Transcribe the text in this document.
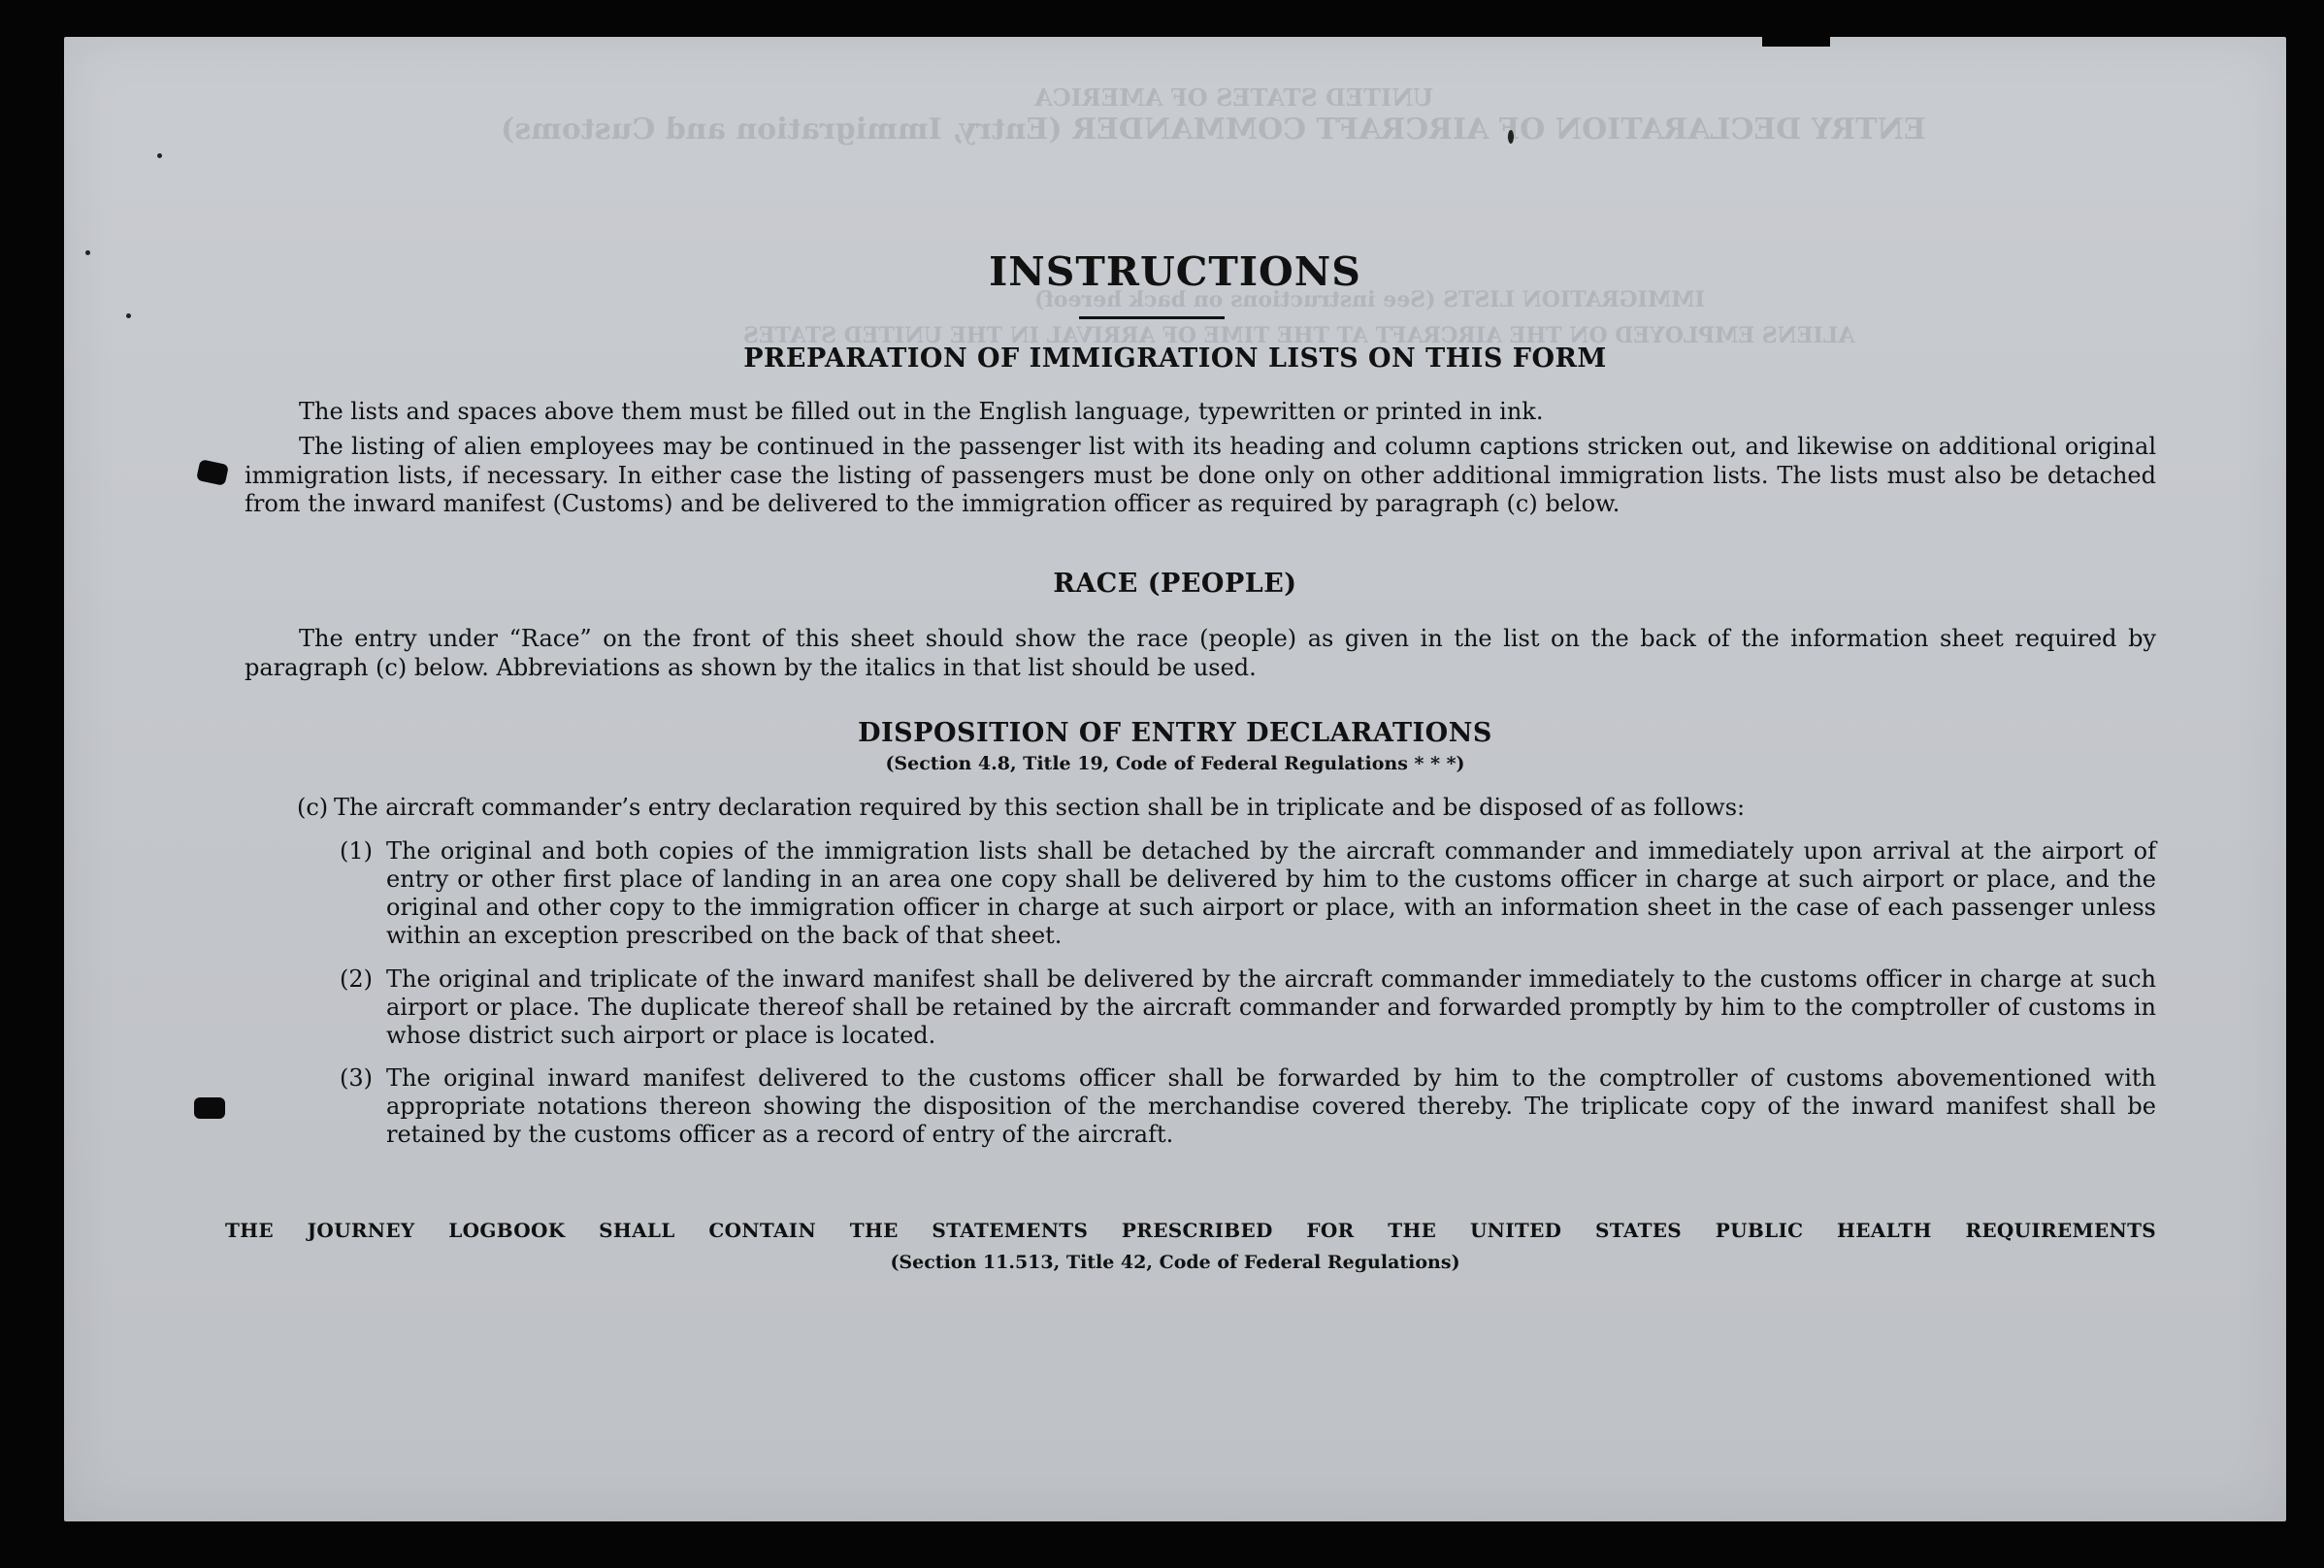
UNITED STATES OF AMERICA
ENTRY DECLARATION OF AIRCRAFT COMMANDER (Entry, Immigration and Customs)
IMMIGRATION LISTS (See instructions on back hereof)
ALIENS EMPLOYED ON THE AIRCRAFT AT THE TIME OF ARRIVAL IN THE UNITED STATES
INSTRUCTIONS
PREPARATION OF IMMIGRATION LISTS ON THIS FORM

The lists and spaces above them must be filled out in the English language, typewritten or printed in ink.

The listing of alien employees may be continued in the passenger list with its heading and column captions stricken out, and likewise on additional original immigration lists, if necessary. In either case the listing of passengers must be done only on other additional immigration lists. The lists must also be detached from the inward manifest (Customs) and be delivered to the immigration officer as required by paragraph (c) below.

RACE (PEOPLE)

The entry under “Race” on the front of this sheet should show the race (people) as given in the list on the back of the information sheet required by paragraph (c) below. Abbreviations as shown by the italics in that list should be used.

DISPOSITION OF ENTRY DECLARATIONS
(Section 4.8, Title 19, Code of Federal Regulations * * *)

(c) The aircraft commander’s entry declaration required by this section shall be in triplicate and be disposed of as follows:

(1) The original and both copies of the immigration lists shall be detached by the aircraft commander and immediately upon arrival at the airport of entry or other first place of landing in an area one copy shall be delivered by him to the customs officer in charge at such airport or place, and the original and other copy to the immigration officer in charge at such airport or place, with an information sheet in the case of each passenger unless within an exception prescribed on the back of that sheet.

(2) The original and triplicate of the inward manifest shall be delivered by the aircraft commander immediately to the customs officer in charge at such airport or place. The duplicate thereof shall be retained by the aircraft commander and forwarded promptly by him to the comptroller of customs in whose district such airport or place is located.

(3) The original inward manifest delivered to the customs officer shall be forwarded by him to the comptroller of customs abovementioned with appropriate notations thereon showing the disposition of the merchandise covered thereby. The triplicate copy of the inward manifest shall be retained by the customs officer as a record of entry of the aircraft.

THE JOURNEY LOGBOOK SHALL CONTAIN THE STATEMENTS PRESCRIBED FOR THE UNITED STATES PUBLIC HEALTH REQUIREMENTS
(Section 11.513, Title 42, Code of Federal Regulations)
